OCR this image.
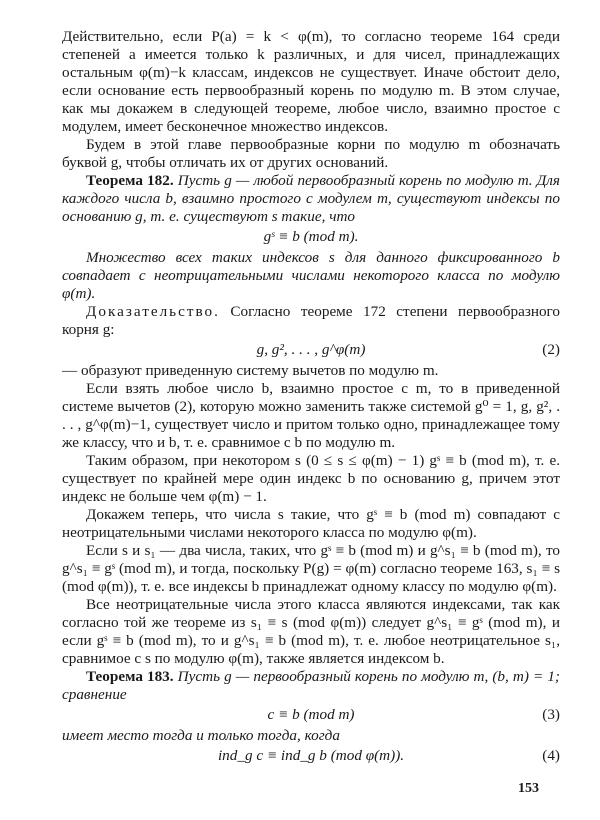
Действительно, если P(a) = k < φ(m), то согласно теореме 164 среди степеней a имеется только k различных, и для чисел, принадлежащих остальным φ(m)−k классам, индексов не существует. Иначе обстоит дело, если основание есть первообразный корень по модулю m. В этом случае, как мы докажем в следующей теореме, любое число, взаимно простое с модулем, имеет бесконечное множество индексов.

Будем в этой главе первообразные корни по модулю m обозначать буквой g, чтобы отличать их от других оснований.

Теорема 182. Пусть g — любой первообразный корень по модулю m. Для каждого числа b, взаимно простого с модулем m, существуют индексы по основанию g, т. е. существуют s такие, что

gˢ ≡ b (mod m).

Множество всех таких индексов s для данного фиксированного b совпадает с неотрицательными числами некоторого класса по модулю φ(m).

Доказательство. Согласно теореме 172 степени первообразного корня g:

g, g², . . . , g^φ(m)	(2)

— образуют приведенную систему вычетов по модулю m.

Если взять любое число b, взаимно простое с m, то в приведенной системе вычетов (2), которую можно заменить также системой g⁰ = 1, g, g², . . . , g^φ(m)−1, существует число и притом только одно, принадлежащее тому же классу, что и b, т. е. сравнимое с b по модулю m.

Таким образом, при некотором s (0 ≤ s ≤ φ(m) − 1) gˢ ≡ b (mod m), т. е. существует по крайней мере один индекс b по основанию g, причем этот индекс не больше чем φ(m) − 1.

Докажем теперь, что числа s такие, что gˢ ≡ b (mod m) совпадают с неотрицательными числами некоторого класса по модулю φ(m).

Если s и s₁ — два числа, таких, что gˢ ≡ b (mod m) и g^s₁ ≡ b (mod m), то g^s₁ ≡ gˢ (mod m), и тогда, поскольку P(g) = φ(m) согласно теореме 163, s₁ ≡ s (mod φ(m)), т. е. все индексы b принадлежат одному классу по модулю φ(m).

Все неотрицательные числа этого класса являются индексами, так как согласно той же теореме из s₁ ≡ s (mod φ(m)) следует g^s₁ ≡ gˢ (mod m), и если gˢ ≡ b (mod m), то и g^s₁ ≡ b (mod m), т. е. любое неотрицательное s₁, сравнимое с s по модулю φ(m), также является индексом b.

Теорема 183. Пусть g — первообразный корень по модулю m, (b, m) = 1; сравнение

c ≡ b (mod m)	(3)

имеет место тогда и только тогда, когда

ind_g c ≡ ind_g b (mod φ(m)).	(4)
153
